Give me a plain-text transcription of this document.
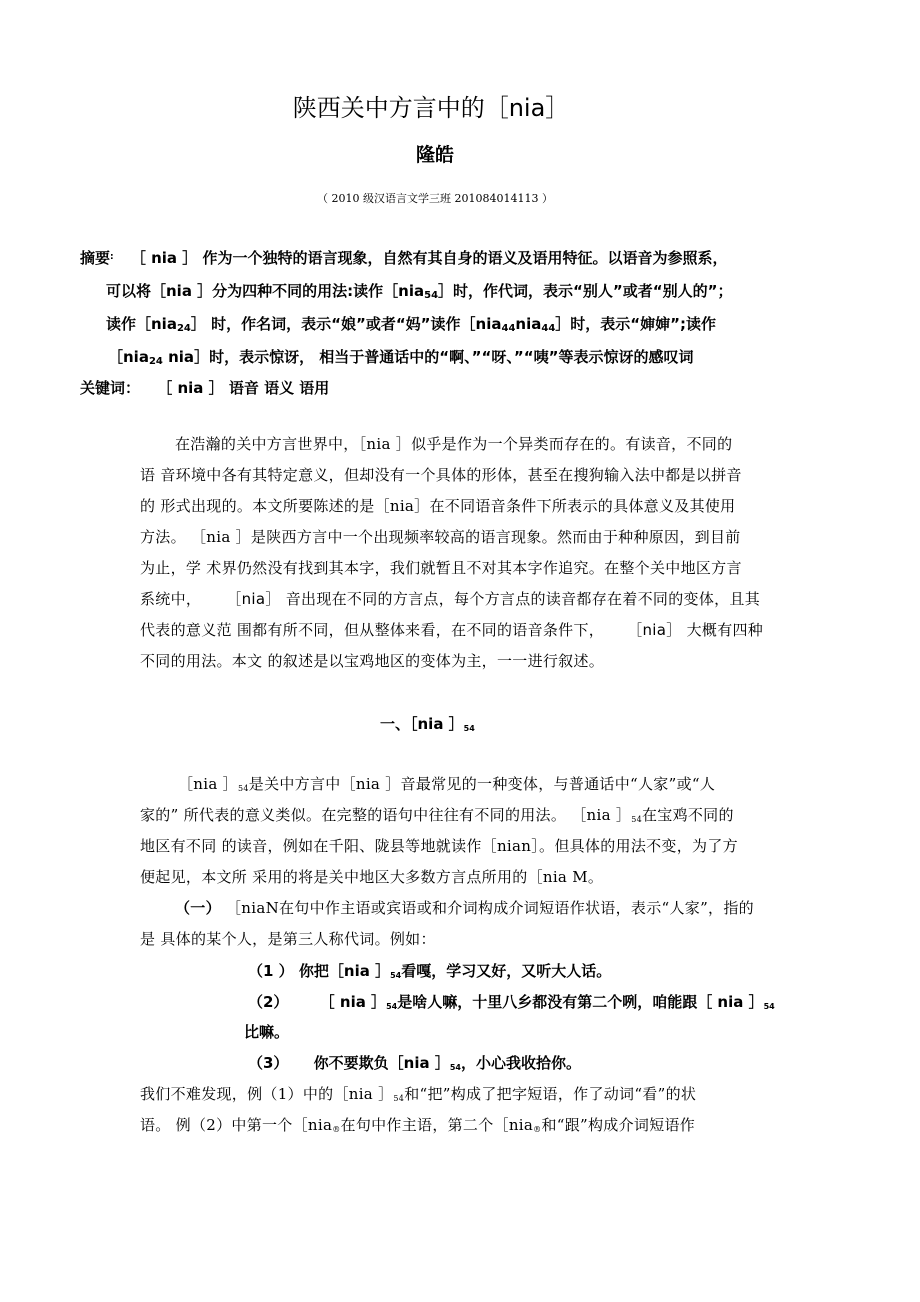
陕西关中方言中的［nia］
隆皓
（ 2010 级汉语言文学三班 201084014113 ）
摘要: ［ nia ］ 作为一个独特的语言现象，自然有其自身的语义及语用特征。以语音为参照系，
可以将［nia ］分为四种不同的用法:读作［nia$_{54}$］时，作代词，表示“别人”或者“别人的”；
读作［nia$_{24}$］ 时，作名词，表示“娘”或者“妈”读作［nia$_{44}$nia$_{44}$］时，表示“婶婶”;读作
［nia$_{24}$ nia］时，表示惊讶， 相当于普通话中的“啊、”“呀、”“咦”等表示惊讶的感叹词
关键词： ［ nia ］ 语音 语义 语用
在浩瀚的关中方言世界中，［nia ］似乎是作为一个异类而存在的。有读音，不同的
语 音环境中各有其特定意义，但却没有一个具体的形体，甚至在搜狗输入法中都是以拼音
的 形式出现的。本文所要陈述的是［nia］在不同语音条件下所表示的具体意义及其使用
方法。 ［nia ］是陕西方言中一个出现频率较高的语言现象。然而由于种种原因，到目前
为止，学 术界仍然没有找到其本字，我们就暂且不对其本字作追究。在整个关中地区方言
系统中， ［nia］ 音出现在不同的方言点，每个方言点的读音都存在着不同的变体，且其
代表的意义范 围都有所不同，但从整体来看，在不同的语音条件下， ［nia］ 大概有四种
不同的用法。本文 的叙述是以宝鸡地区的变体为主，一一进行叙述。
一、［nia $]_{54}$
［nia $]_{54}$是关中方言中［nia ］音最常见的一种变体，与普通话中“人家”或“人
家的” 所代表的意义类似。在完整的语句中往往有不同的用法。 ［nia $]_{54}$在宝鸡不同的
地区有不同 的读音，例如在千阳、陇县等地就读作［nian］。但具体的用法不变，为了方
便起见，本文所 采用的将是关中地区大多数方言点所用的［nia M。
（一） ［niaN在句中作主语或宾语或和介词构成介词短语作状语，表示“人家”，指的
是 具体的某个人，是第三人称代词。例如：
（1 ） 你把［nia $]_{54}$看嘎，学习又好，又听大人话。
（2） ［ nia $]_{54}$是啥人嘛，十里八乡都没有第二个咧，咱能跟［ nia $]_{54}$
比嘛。
（3） 你不要欺负［nia $]_{54}$，小心我收拾你。
我们不难发现，例（1）中的［nia $]_{54}$和“把”构成了把字短语，作了动词“看”的状
语。 例（2）中第一个［nia$_®$在句中作主语，第二个［nia$_®$和“跟”构成介词短语作
